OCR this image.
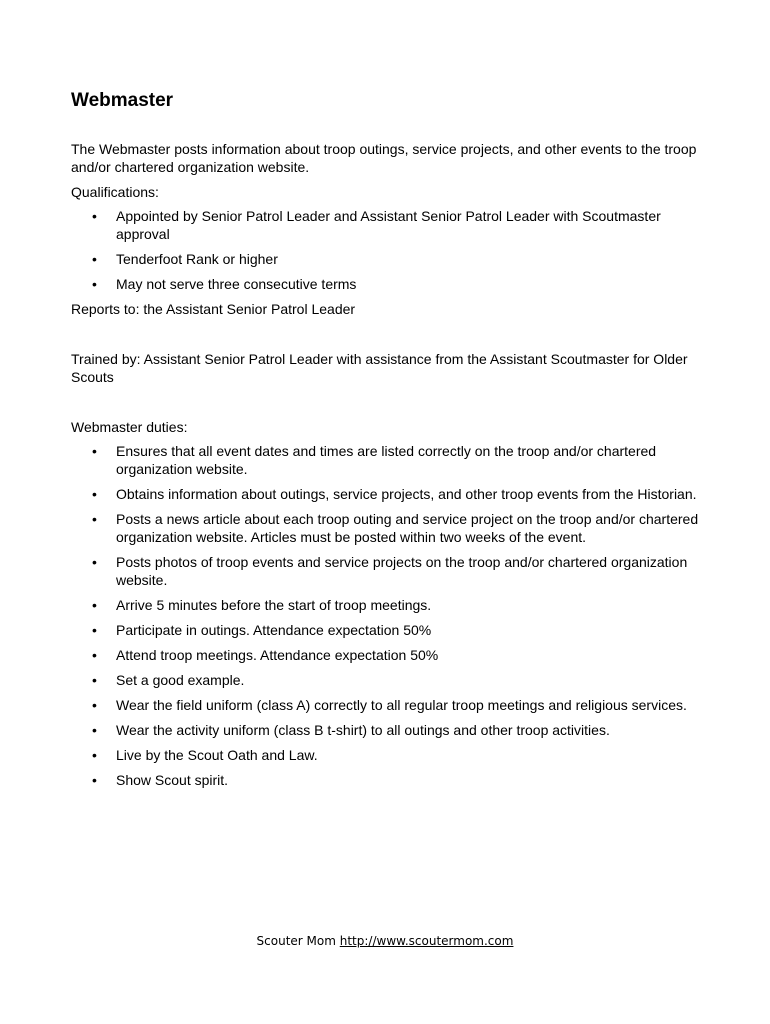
Webmaster

The Webmaster posts information about troop outings, service projects, and other events to the troop and/or chartered organization website.

Qualifications:

• Appointed by Senior Patrol Leader and Assistant Senior Patrol Leader with Scoutmaster approval
• Tenderfoot Rank or higher
• May not serve three consecutive terms

Reports to: the Assistant Senior Patrol Leader

Trained by: Assistant Senior Patrol Leader with assistance from the Assistant Scoutmaster for Older Scouts

Webmaster duties:

• Ensures that all event dates and times are listed correctly on the troop and/or chartered organization website.
• Obtains information about outings, service projects, and other troop events from the Historian.
• Posts a news article about each troop outing and service project on the troop and/or chartered organization website. Articles must be posted within two weeks of the event.
• Posts photos of troop events and service projects on the troop and/or chartered organization website.
• Arrive 5 minutes before the start of troop meetings.
• Participate in outings. Attendance expectation 50%
• Attend troop meetings. Attendance expectation 50%
• Set a good example.
• Wear the field uniform (class A) correctly to all regular troop meetings and religious services.
• Wear the activity uniform (class B t-shirt) to all outings and other troop activities.
• Live by the Scout Oath and Law.
• Show Scout spirit.
Scouter Mom http://www.scoutermom.com
